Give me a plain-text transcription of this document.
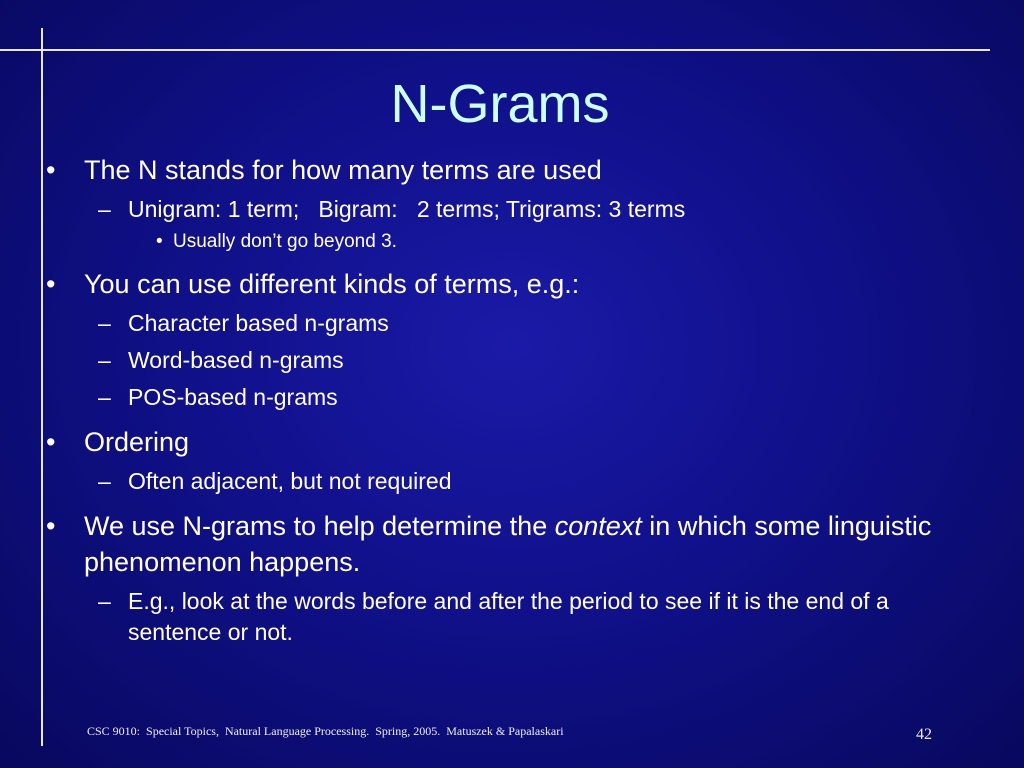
N-Grams
•	The N stands for how many terms are used
– Unigram: 1 term;   Bigram:   2 terms; Trigrams: 3 terms
• Usually don’t go beyond 3.
•	You can use different kinds of terms, e.g.:
– Character based n-grams
– Word-based n-grams
– POS-based n-grams
•	Ordering
– Often adjacent, but not required
•	We use N-grams to help determine the context in which some linguistic phenomenon happens.
– E.g., look at the words before and after the period to see if it is the end of a sentence or not.
CSC 9010:  Special Topics,  Natural Language Processing.  Spring, 2005.  Matuszek & Papalaskari	42
